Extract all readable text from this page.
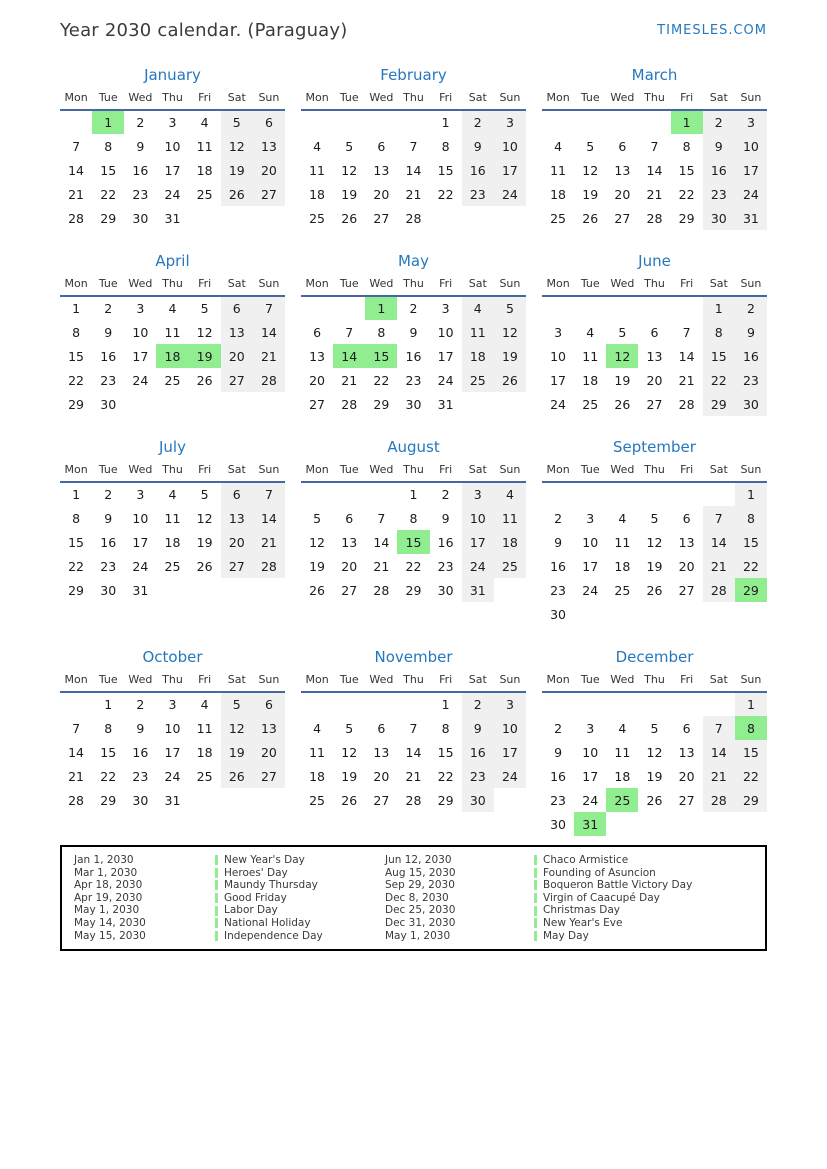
Year 2030 calendar. (Paraguay)	TIMESLES.COM
January
Mon	Tue	Wed	Thu	Fri	Sat	Sun
	1	2	3	4	5	6
7	8	9	10	11	12	13
14	15	16	17	18	19	20
21	22	23	24	25	26	27
28	29	30	31			
February
Mon	Tue	Wed	Thu	Fri	Sat	Sun
				1	2	3
4	5	6	7	8	9	10
11	12	13	14	15	16	17
18	19	20	21	22	23	24
25	26	27	28			
March
Mon	Tue	Wed	Thu	Fri	Sat	Sun
				1	2	3
4	5	6	7	8	9	10
11	12	13	14	15	16	17
18	19	20	21	22	23	24
25	26	27	28	29	30	31
April
Mon	Tue	Wed	Thu	Fri	Sat	Sun
1	2	3	4	5	6	7
8	9	10	11	12	13	14
15	16	17	18	19	20	21
22	23	24	25	26	27	28
29	30					
May
Mon	Tue	Wed	Thu	Fri	Sat	Sun
		1	2	3	4	5
6	7	8	9	10	11	12
13	14	15	16	17	18	19
20	21	22	23	24	25	26
27	28	29	30	31		
June
Mon	Tue	Wed	Thu	Fri	Sat	Sun
					1	2
3	4	5	6	7	8	9
10	11	12	13	14	15	16
17	18	19	20	21	22	23
24	25	26	27	28	29	30
July
Mon	Tue	Wed	Thu	Fri	Sat	Sun
1	2	3	4	5	6	7
8	9	10	11	12	13	14
15	16	17	18	19	20	21
22	23	24	25	26	27	28
29	30	31				
August
Mon	Tue	Wed	Thu	Fri	Sat	Sun
			1	2	3	4
5	6	7	8	9	10	11
12	13	14	15	16	17	18
19	20	21	22	23	24	25
26	27	28	29	30	31	
September
Mon	Tue	Wed	Thu	Fri	Sat	Sun
						1
2	3	4	5	6	7	8
9	10	11	12	13	14	15
16	17	18	19	20	21	22
23	24	25	26	27	28	29
30						
October
Mon	Tue	Wed	Thu	Fri	Sat	Sun
	1	2	3	4	5	6
7	8	9	10	11	12	13
14	15	16	17	18	19	20
21	22	23	24	25	26	27
28	29	30	31			
November
Mon	Tue	Wed	Thu	Fri	Sat	Sun
				1	2	3
4	5	6	7	8	9	10
11	12	13	14	15	16	17
18	19	20	21	22	23	24
25	26	27	28	29	30	
December
Mon	Tue	Wed	Thu	Fri	Sat	Sun
						1
2	3	4	5	6	7	8
9	10	11	12	13	14	15
16	17	18	19	20	21	22
23	24	25	26	27	28	29
30	31					
Jan 1, 2030	New Year's Day	Jun 12, 2030	Chaco Armistice
Mar 1, 2030	Heroes' Day	Aug 15, 2030	Founding of Asuncion
Apr 18, 2030	Maundy Thursday	Sep 29, 2030	Boqueron Battle Victory Day
Apr 19, 2030	Good Friday	Dec 8, 2030	Virgin of Caacupé Day
May 1, 2030	Labor Day	Dec 25, 2030	Christmas Day
May 14, 2030	National Holiday	Dec 31, 2030	New Year's Eve
May 15, 2030	Independence Day	May 1, 2030	May Day
